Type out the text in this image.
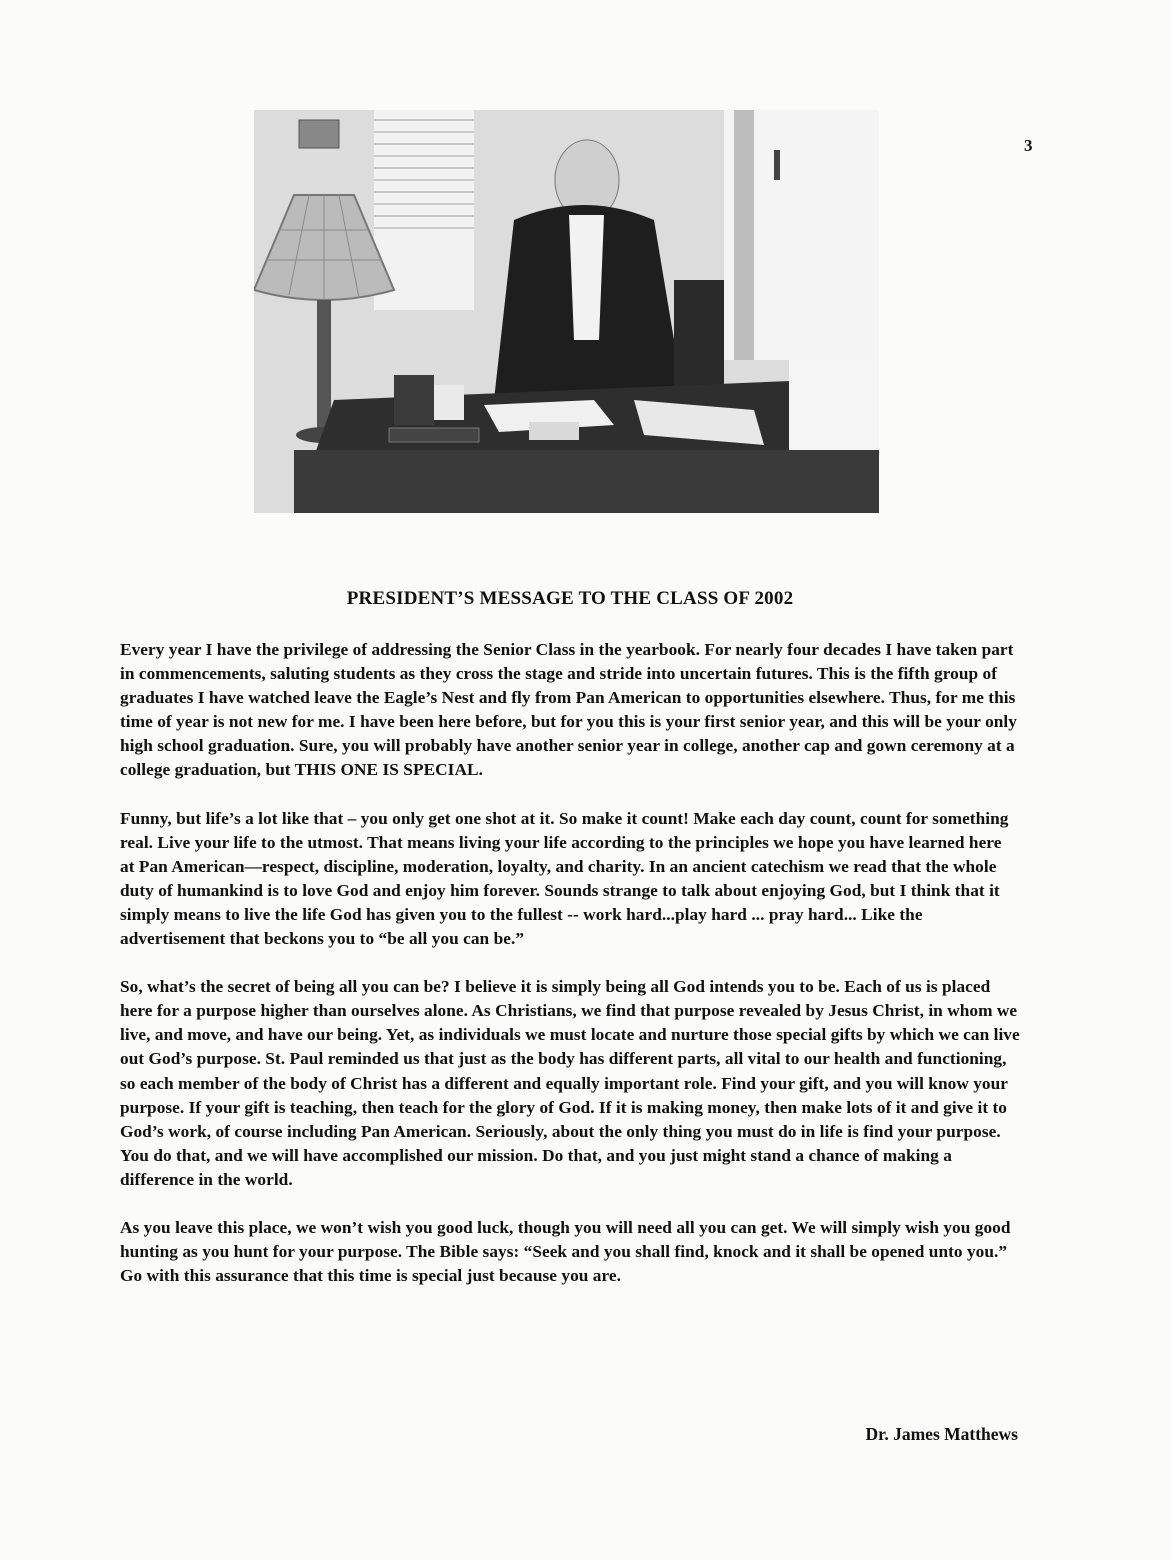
3
PRESIDENT’S MESSAGE TO THE CLASS OF 2002

Every year I have the privilege of addressing the Senior Class in the yearbook. For nearly four decades I have taken part in commencements, saluting students as they cross the stage and stride into uncertain futures. This is the fifth group of graduates I have watched leave the Eagle’s Nest and fly from Pan American to opportunities elsewhere. Thus, for me this time of year is not new for me. I have been here before, but for you this is your first senior year, and this will be your only high school graduation. Sure, you will probably have another senior year in college, another cap and gown ceremony at a college graduation, but THIS ONE IS SPECIAL.

Funny, but life’s a lot like that – you only get one shot at it. So make it count! Make each day count, count for something real. Live your life to the utmost. That means living your life according to the principles we hope you have learned here at Pan American—respect, discipline, moderation, loyalty, and charity. In an ancient catechism we read that the whole duty of humankind is to love God and enjoy him forever. Sounds strange to talk about enjoying God, but I think that it simply means to live the life God has given you to the fullest -- work hard...play hard ... pray hard... Like the advertisement that beckons you to “be all you can be.”

So, what’s the secret of being all you can be? I believe it is simply being all God intends you to be. Each of us is placed here for a purpose higher than ourselves alone. As Christians, we find that purpose revealed by Jesus Christ, in whom we live, and move, and have our being. Yet, as individuals we must locate and nurture those special gifts by which we can live out God’s purpose. St. Paul reminded us that just as the body has different parts, all vital to our health and functioning, so each member of the body of Christ has a different and equally important role. Find your gift, and you will know your purpose. If your gift is teaching, then teach for the glory of God. If it is making money, then make lots of it and give it to God’s work, of course including Pan American. Seriously, about the only thing you must do in life is find your purpose. You do that, and we will have accomplished our mission. Do that, and you just might stand a chance of making a difference in the world.

As you leave this place, we won’t wish you good luck, though you will need all you can get. We will simply wish you good hunting as you hunt for your purpose. The Bible says: “Seek and you shall find, knock and it shall be opened unto you.” Go with this assurance that this time is special just because you are.

Dr. James Matthews
